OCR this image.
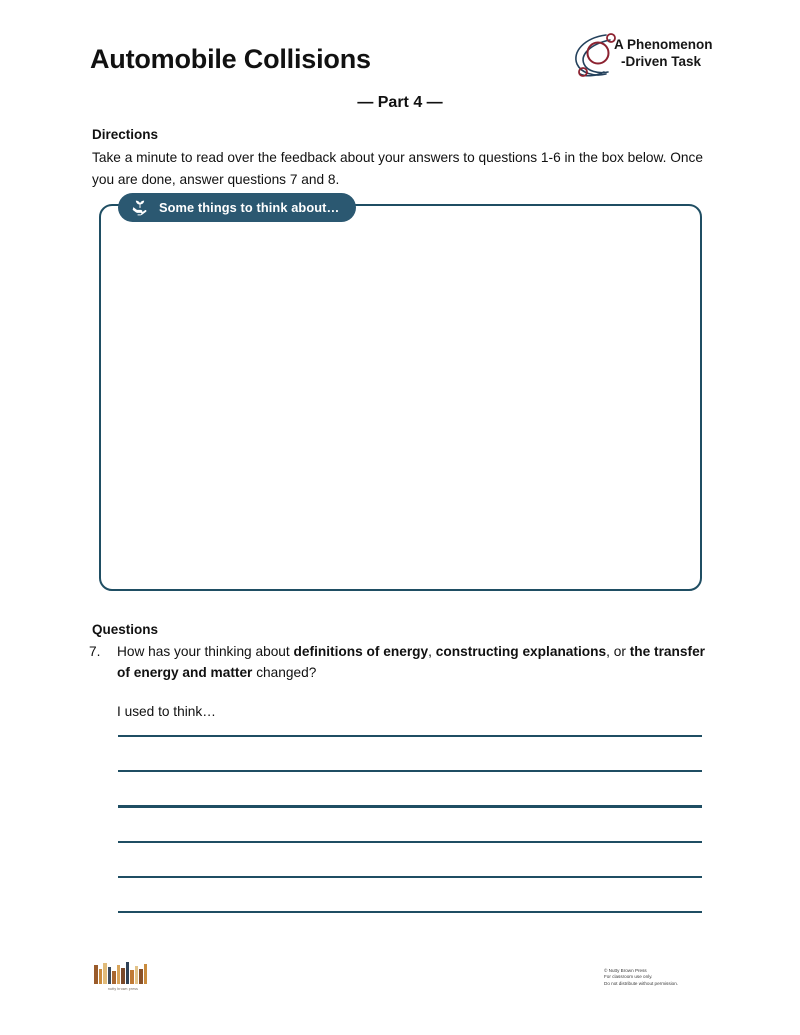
Automobile Collisions	A Phenomenon
-Driven Task
— Part 4 —
Directions
Take a minute to read over the feedback about your answers to questions 1-6 in the box below. Once you are done, answer questions 7 and 8.
Some things to think about…
Questions
7.	How has your thinking about definitions of energy, constructing explanations, or the transfer of energy and matter changed?
I used to think…
nutty brown press
© Nutty Brown Press
For classroom use only.
Do not distribute without permission.
